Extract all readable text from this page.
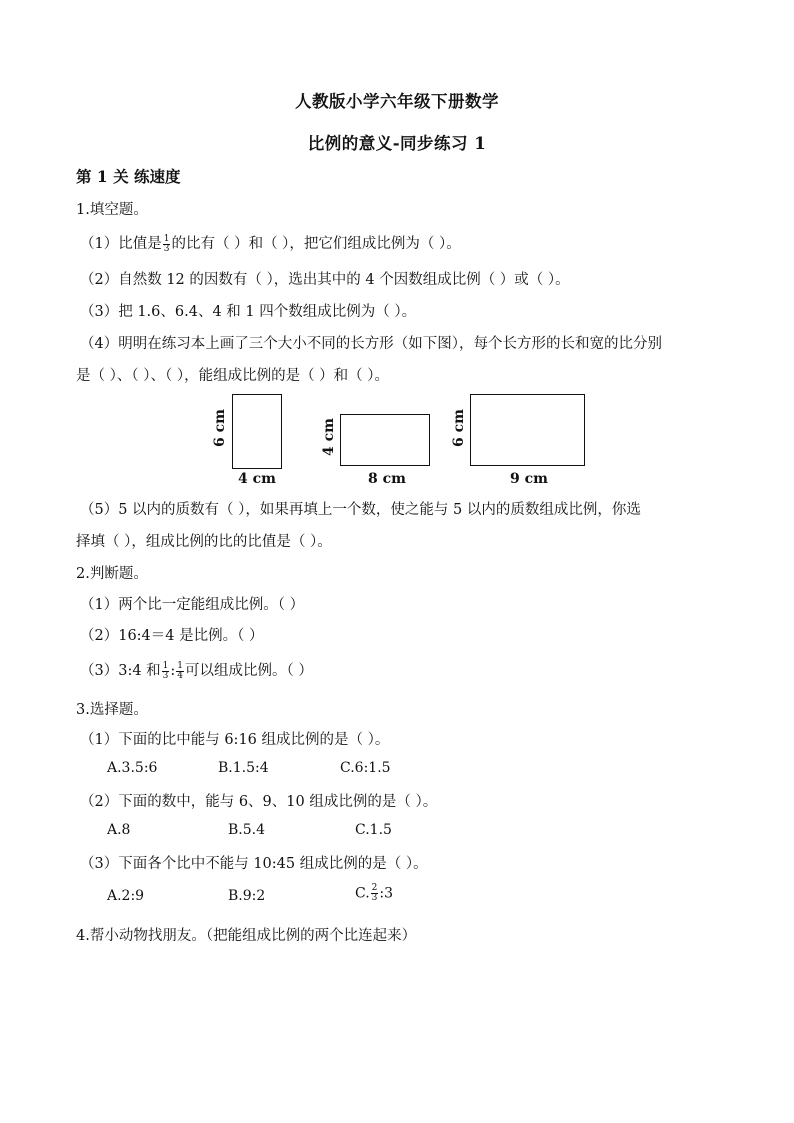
人教版小学六年级下册数学
比例的意义-同步练习 1
第 1 关 练速度
1.填空题。
（1）比值是 $\frac{1}{3}$ 的比有（ ）和（ ），把它们组成比例为（ ）。
（2）自然数 12 的因数有（ ），选出其中的 4 个因数组成比例（ ）或（ ）。
（3）把 1.6、6.4、4 和 1 四个数组成比例为（ ）。
（4）明明在练习本上画了三个大小不同的长方形（如下图），每个长方形的长和宽的比分别
是（ ）、（ ）、（ ），能组成比例的是（ ）和（ ）。
6 cm
4 cm
4 cm
8 cm
6 cm
9 cm
（5）5 以内的质数有（ ），如果再填上一个数，使之能与 5 以内的质数组成比例，你选
择填（ ），组成比例的比的比值是（ ）。
2.判断题。
（1）两个比一定能组成比例。（ ）
（2）16:4＝4 是比例。（ ）
（3）3:4 和 $\frac{1}{3}$ : $\frac{1}{4}$ 可以组成比例。（ ）
3.选择题。
（1）下面的比中能与 6:16 组成比例的是（ ）。
A.3.5:6	B.1.5:4	C.6:1.5
（2）下面的数中，能与 6、9、10 组成比例的是（ ）。
A.8	B.5.4	C.1.5
（3）下面各个比中不能与 10:45 组成比例的是（ ）。
A.2:9	B.9:2	C. $\frac{2}{3}$ :3
4.帮小动物找朋友。（把能组成比例的两个比连起来）
